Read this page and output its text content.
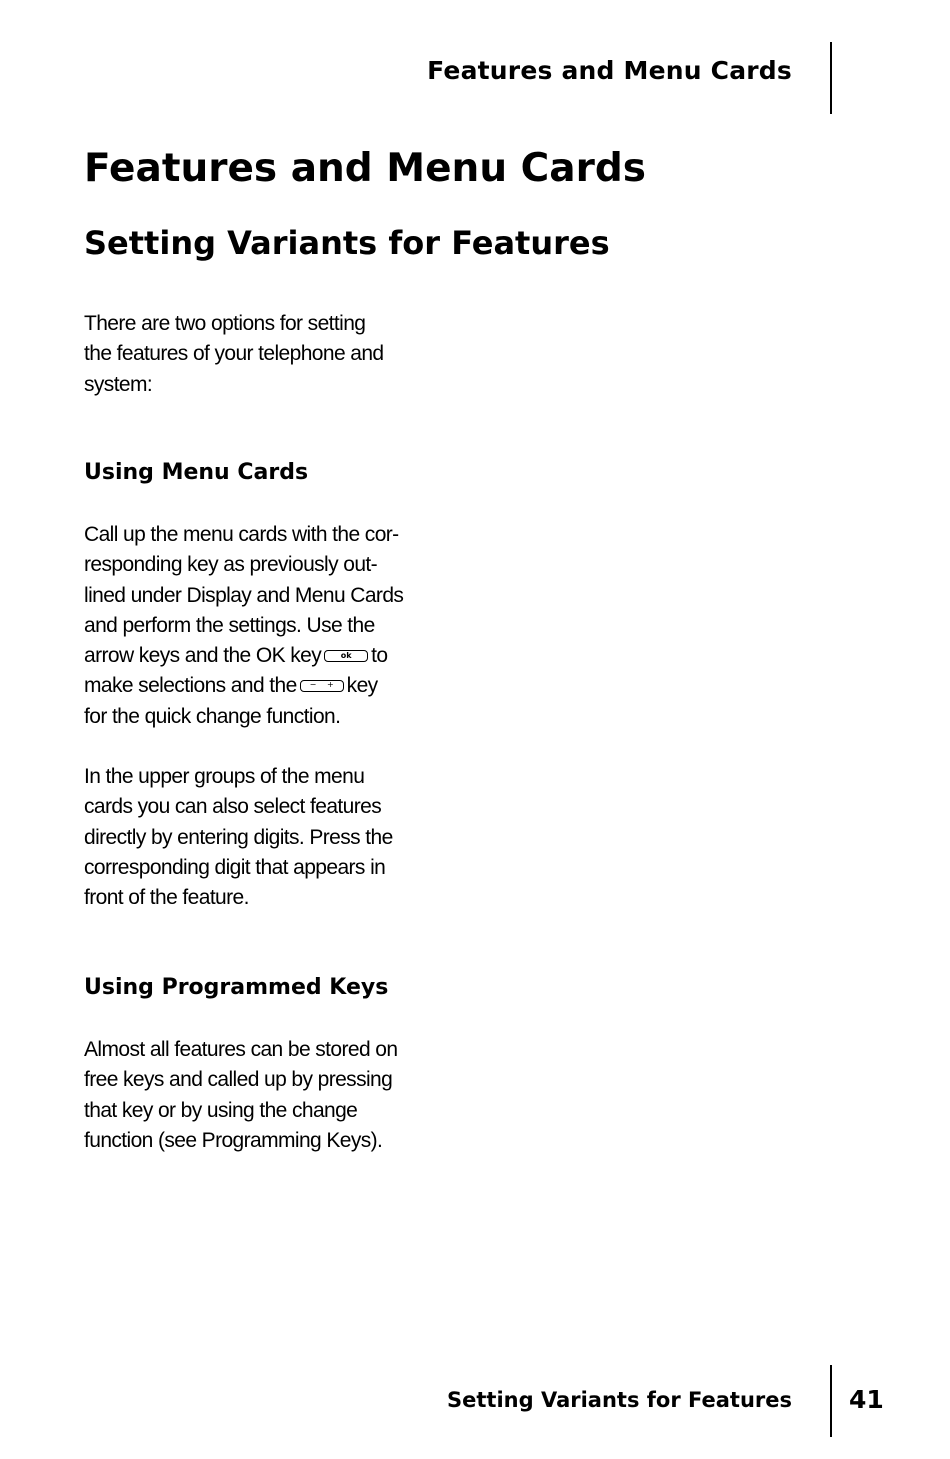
Features and Menu Cards
Features and Menu Cards
Setting Variants for Features

There are two options for setting
the features of your telephone and
system:

Using Menu Cards

Call up the menu cards with the cor-
responding key as previously out-
lined under Display and Menu Cards
and perform the settings. Use the
arrow keys and the OK key ok to
make selections and the − + key
for the quick change function.

In the upper groups of the menu
cards you can also select features
directly by entering digits. Press the
corresponding digit that appears in
front of the feature.

Using Programmed Keys

Almost all features can be stored on
free keys and called up by pressing
that key or by using the change
function (see Programming Keys).

Setting Variants for Features 41
